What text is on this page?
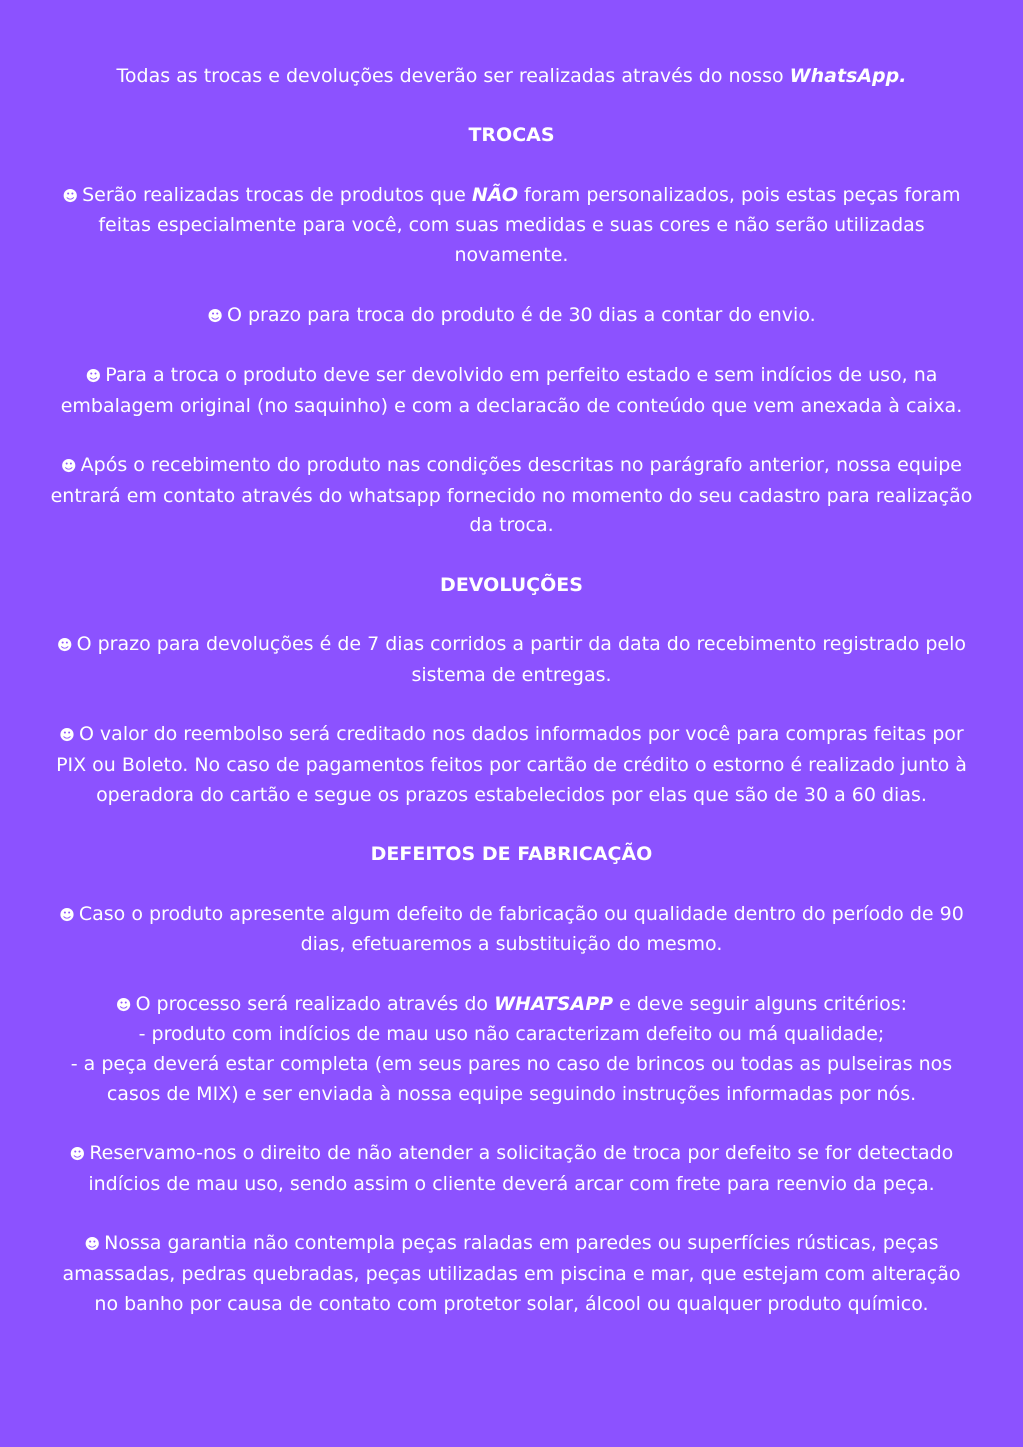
Todas as trocas e devoluções deverão ser realizadas através do nosso WhatsApp.

TROCAS

☻ Serão realizadas trocas de produtos que NÃO foram personalizados, pois estas peças foram feitas especialmente para você, com suas medidas e suas cores e não serão utilizadas novamente.

☻ O prazo para troca do produto é de 30 dias a contar do envio.

☻ Para a troca o produto deve ser devolvido em perfeito estado e sem indícios de uso, na embalagem original (no saquinho) e com a declaracão de conteúdo que vem anexada à caixa.

☻ Após o recebimento do produto nas condições descritas no parágrafo anterior, nossa equipe entrará em contato através do whatsapp fornecido no momento do seu cadastro para realização da troca.

DEVOLUÇÕES

☻ O prazo para devoluções é de 7 dias corridos a partir da data do recebimento registrado pelo sistema de entregas.

☻ O valor do reembolso será creditado nos dados informados por você para compras feitas por PIX ou Boleto. No caso de pagamentos feitos por cartão de crédito o estorno é realizado junto à operadora do cartão e segue os prazos estabelecidos por elas que são de 30 a 60 dias.

DEFEITOS DE FABRICAÇÃO

☻ Caso o produto apresente algum defeito de fabricação ou qualidade dentro do período de 90 dias, efetuaremos a substituição do mesmo.

☻ O processo será realizado através do WHATSAPP e deve seguir alguns critérios:

- produto com indícios de mau uso não caracterizam defeito ou má qualidade;

- a peça deverá estar completa (em seus pares no caso de brincos ou todas as pulseiras nos casos de MIX) e ser enviada à nossa equipe seguindo instruções informadas por nós.

☻ Reservamo-nos o direito de não atender a solicitação de troca por defeito se for detectado indícios de mau uso, sendo assim o cliente deverá arcar com frete para reenvio da peça.

☻ Nossa garantia não contempla peças raladas em paredes ou superfícies rústicas, peças amassadas, pedras quebradas, peças utilizadas em piscina e mar, que estejam com alteração no banho por causa de contato com protetor solar, álcool ou qualquer produto químico.
